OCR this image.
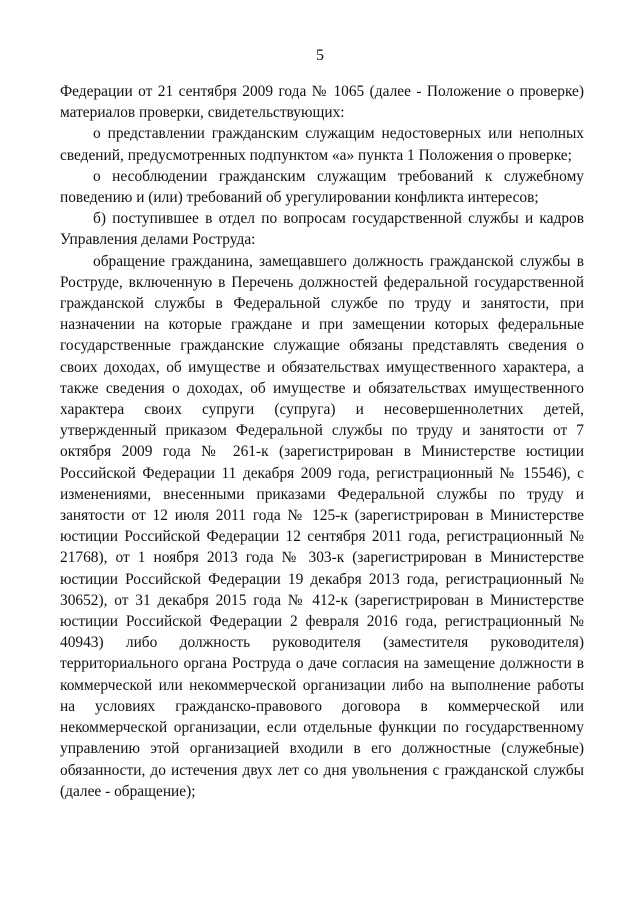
5

Федерации от 21 сентября 2009 года № 1065 (далее - Положение о проверке) материалов проверки, свидетельствующих:

о представлении гражданским служащим недостоверных или неполных сведений, предусмотренных подпунктом «а» пункта 1 Положения о проверке;

о несоблюдении гражданским служащим требований к служебному поведению и (или) требований об урегулировании конфликта интересов;

б) поступившее в отдел по вопросам государственной службы и кадров Управления делами Роструда:

обращение гражданина, замещавшего должность гражданской службы в Роструде, включенную в Перечень должностей федеральной государственной гражданской службы в Федеральной службе по труду и занятости, при назначении на которые граждане и при замещении которых федеральные государственные гражданские служащие обязаны представлять сведения о своих доходах, об имуществе и обязательствах имущественного характера, а также сведения о доходах, об имуществе и обязательствах имущественного характера своих супруги (супруга) и несовершеннолетних детей, утвержденный приказом Федеральной службы по труду и занятости от 7 октября 2009 года № 261-к (зарегистрирован в Министерстве юстиции Российской Федерации 11 декабря 2009 года, регистрационный № 15546), с изменениями, внесенными приказами Федеральной службы по труду и занятости от 12 июля 2011 года № 125-к (зарегистрирован в Министерстве юстиции Российской Федерации 12 сентября 2011 года, регистрационный № 21768), от 1 ноября 2013 года № 303-к (зарегистрирован в Министерстве юстиции Российской Федерации 19 декабря 2013 года, регистрационный № 30652), от 31 декабря 2015 года № 412-к (зарегистрирован в Министерстве юстиции Российской Федерации 2 февраля 2016 года, регистрационный № 40943) либо должность руководителя (заместителя руководителя) территориального органа Роструда о даче согласия на замещение должности в коммерческой или некоммерческой организации либо на выполнение работы на условиях гражданско-правового договора в коммерческой или некоммерческой организации, если отдельные функции по государственному управлению этой организацией входили в его должностные (служебные) обязанности, до истечения двух лет со дня увольнения с гражданской службы (далее - обращение);
